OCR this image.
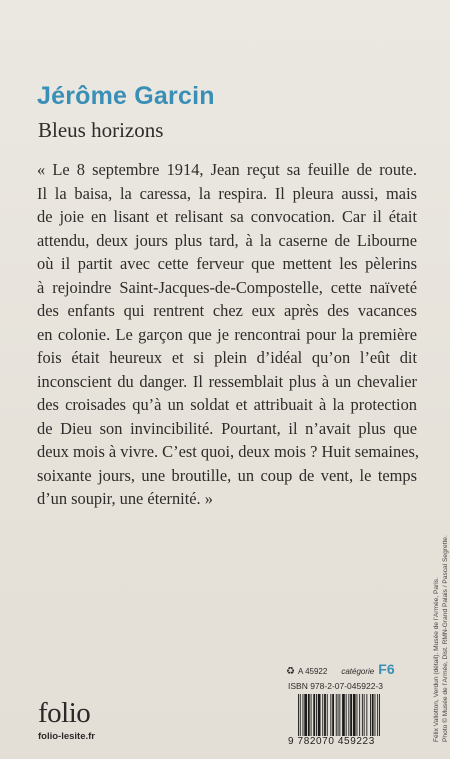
Jérôme Garcin
Bleus horizons
« Le 8 septembre 1914, Jean reçut sa feuille de route.
Il la baisa, la caressa, la respira. Il pleura aussi, mais
de joie en lisant et relisant sa convocation. Car il était
attendu, deux jours plus tard, à la caserne de Libourne
où il partit avec cette ferveur que mettent les pèlerins
à rejoindre Saint-Jacques-de-Compostelle, cette naïveté
des enfants qui rentrent chez eux après des vacances
en colonie. Le garçon que je rencontrai pour la première
fois était heureux et si plein d’idéal qu’on l’eût dit
inconscient du danger. Il ressemblait plus à un chevalier
des croisades qu’à un soldat et attribuait à la protection
de Dieu son invincibilité. Pourtant, il n’avait plus que
deux mois à vivre. C’est quoi, deux mois ? Huit semaines,
soixante jours, une broutille, un coup de vent, le temps
d’un soupir, une éternité. »
Félix Vallotton, Verdun (détail). Musée de l’Armée, Paris. Photo © Musée de l’Armée, Dist. RMN-Grand Palais / Pascal Segrette.
♻ A 45922 catégorie F6
ISBN 978-2-07-045922-3
9 782070 459223
folio
folio-lesite.fr
